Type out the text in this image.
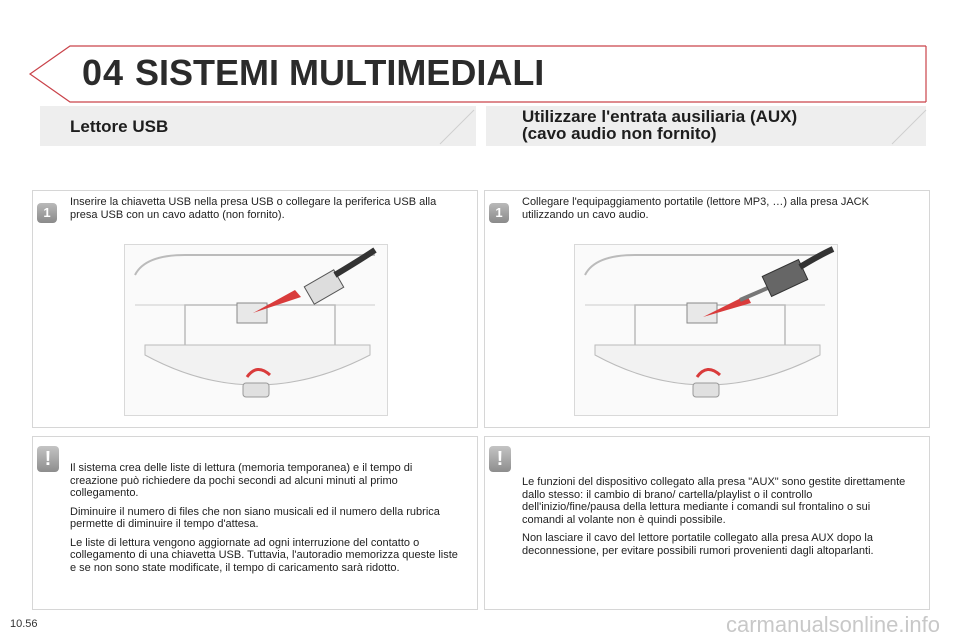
04 SISTEMI MULTIMEDIALI
Lettore USB
Utilizzare l'entrata ausiliaria (AUX)
(cavo audio non fornito)
1
Inserire la chiavetta USB nella presa USB o collegare la periferica USB alla presa USB con un cavo adatto (non fornito).	1
Collegare l'equipaggiamento portatile (lettore MP3, …) alla presa JACK utilizzando un cavo audio.
!	Il sistema crea delle liste di lettura (memoria temporanea) e il tempo di creazione può richiedere da pochi secondi ad alcuni minuti al primo collegamento.

Diminuire il numero di files che non siano musicali ed il numero della rubrica permette di diminuire il tempo d'attesa.

Le liste di lettura vengono aggiornate ad ogni interruzione del contatto o collegamento di una chiavetta USB. Tuttavia, l'autoradio memorizza queste liste e se non sono state modificate, il tempo di caricamento sarà ridotto.

!

Le funzioni del dispositivo collegato alla presa "AUX" sono gestite direttamente dallo stesso: il cambio di brano/ cartella/playlist o il controllo dell'inizio/fine/pausa della lettura mediante i comandi sul frontalino o sui comandi al volante non è quindi possibile.

Non lasciare il cavo del lettore portatile collegato alla presa AUX dopo la deconnessione, per evitare possibili rumori provenienti dagli altoparlanti.

10.56	carmanualsonline.info
